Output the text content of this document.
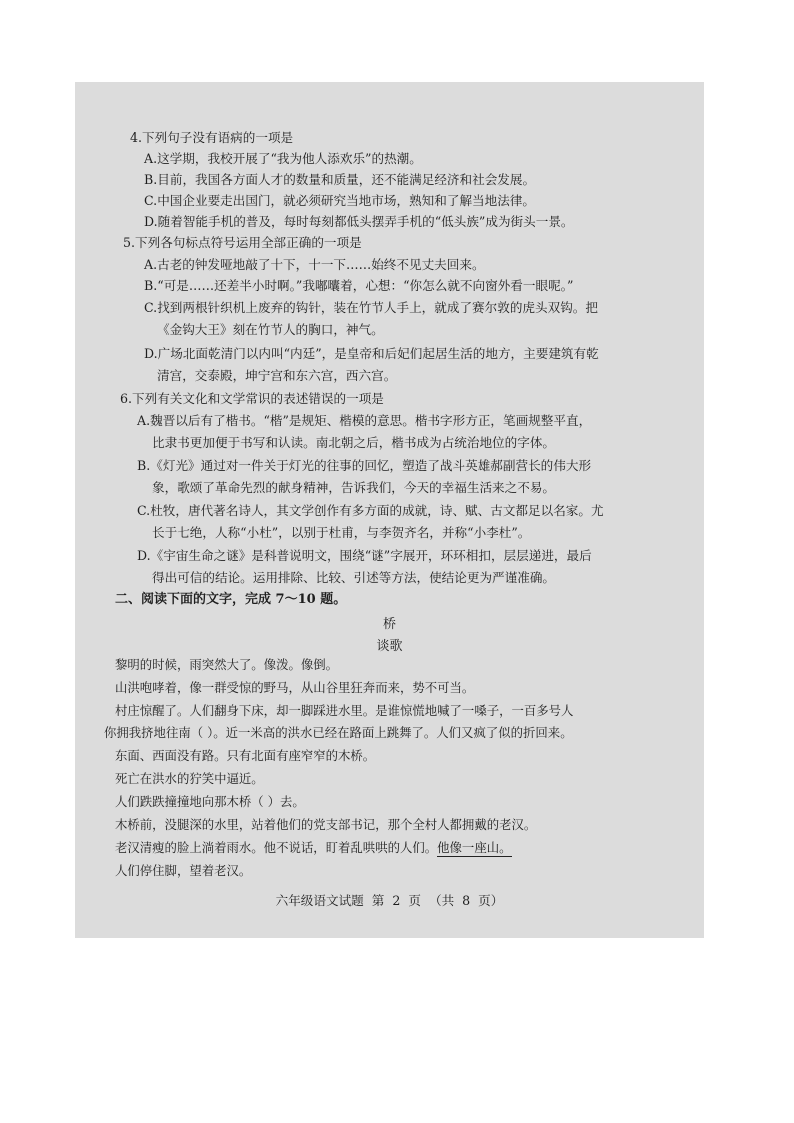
4.下列句子没有语病的一项是
A.这学期，我校开展了“我为他人添欢乐”的热潮。
B.目前，我国各方面人才的数量和质量，还不能满足经济和社会发展。
C.中国企业要走出国门，就必须研究当地市场，熟知和了解当地法律。
D.随着智能手机的普及，每时每刻都低头摆弄手机的“低头族”成为街头一景。
5.下列各句标点符号运用全部正确的一项是
A.古老的钟发哑地敲了十下，十一下……始终不见丈夫回来。
B.“可是……还差半小时啊。”我嘟囔着，心想：“你怎么就不向窗外看一眼呢。”
C.找到两根针织机上废弃的钩针，装在竹节人手上，就成了赛尔敦的虎头双钩。把
《金钩大王》刻在竹节人的胸口，神气。
D.广场北面乾清门以内叫“内廷”，是皇帝和后妃们起居生活的地方，主要建筑有乾
清宫，交泰殿，坤宁宫和东六宫，西六宫。
6.下列有关文化和文学常识的表述错误的一项是
A.魏晋以后有了楷书。“楷”是规矩、楷模的意思。楷书字形方正，笔画规整平直，
比隶书更加便于书写和认读。南北朝之后，楷书成为占统治地位的字体。
B.《灯光》通过对一件关于灯光的往事的回忆，塑造了战斗英雄郝副营长的伟大形
象，歌颂了革命先烈的献身精神，告诉我们，今天的幸福生活来之不易。
C.杜牧，唐代著名诗人，其文学创作有多方面的成就，诗、赋、古文都足以名家。尤
长于七绝，人称“小杜”，以别于杜甫，与李贺齐名，并称“小李杜”。
D.《宇宙生命之谜》是科普说明文，围绕“谜”字展开，环环相扣，层层递进，最后
得出可信的结论。运用排除、比较、引述等方法，使结论更为严谨准确。
二、阅读下面的文字，完成 7～10 题。
桥
谈歌
黎明的时候，雨突然大了。像泼。像倒。
山洪咆哮着，像一群受惊的野马，从山谷里狂奔而来，势不可当。
村庄惊醒了。人们翻身下床，却一脚踩进水里。是谁惊慌地喊了一嗓子，一百多号人
你拥我挤地往南（ ）。近一米高的洪水已经在路面上跳舞了。人们又疯了似的折回来。
东面、西面没有路。只有北面有座窄窄的木桥。
死亡在洪水的狞笑中逼近。
人们跌跌撞撞地向那木桥（ ）去。
木桥前，没腿深的水里，站着他们的党支部书记，那个全村人都拥戴的老汉。
老汉清瘦的脸上淌着雨水。他不说话，盯着乱哄哄的人们。他像一座山。
人们停住脚，望着老汉。
六年级语文试题 第 2 页 （共 8 页）
